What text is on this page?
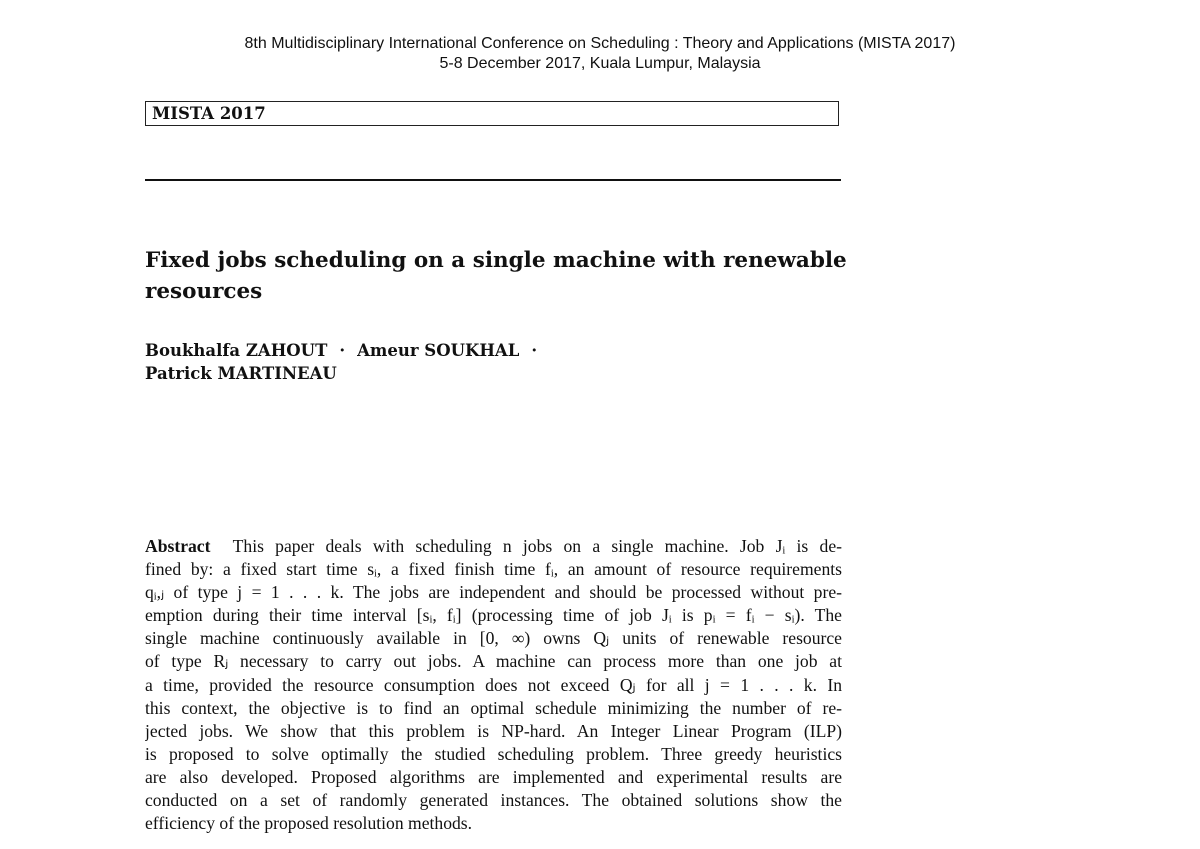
8th Multidisciplinary International Conference on Scheduling : Theory and Applications (MISTA 2017)
5-8 December 2017, Kuala Lumpur, Malaysia
MISTA 2017
Fixed jobs scheduling on a single machine with renewable
resources
Boukhalfa ZAHOUT · Ameur SOUKHAL ·
Patrick MARTINEAU
Abstract This paper deals with scheduling n jobs on a single machine. Job Jᵢ is de-
fined by: a fixed start time sᵢ, a fixed finish time fᵢ, an amount of resource requirements
qᵢ,ⱼ of type j = 1 . . . k. The jobs are independent and should be processed without pre-
emption during their time interval [sᵢ, fᵢ] (processing time of job Jᵢ is pᵢ = fᵢ − sᵢ). The
single machine continuously available in [0, ∞) owns Qⱼ units of renewable resource
of type Rⱼ necessary to carry out jobs. A machine can process more than one job at
a time, provided the resource consumption does not exceed Qⱼ for all j = 1 . . . k. In
this context, the objective is to find an optimal schedule minimizing the number of re-
jected jobs. We show that this problem is NP-hard. An Integer Linear Program (ILP)
is proposed to solve optimally the studied scheduling problem. Three greedy heuristics
are also developed. Proposed algorithms are implemented and experimental results are
conducted on a set of randomly generated instances. The obtained solutions show the
efficiency of the proposed resolution methods.
